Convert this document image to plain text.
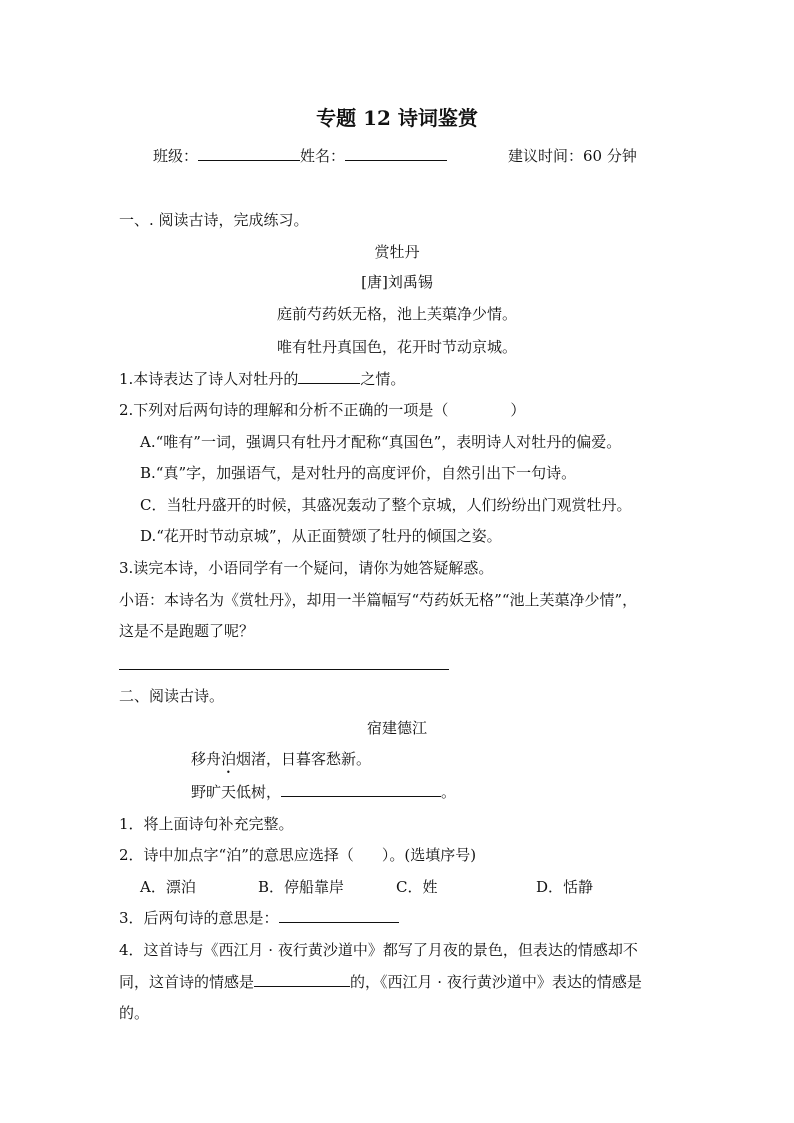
专题 12 诗词鉴赏
班级：	姓名：	建议时间：60 分钟
一、. 阅读古诗，完成练习。
赏牡丹
[唐]刘禹锡
庭前芍药妖无格，池上芙蕖净少情。
唯有牡丹真国色，花开时节动京城。
1.本诗表达了诗人对牡丹的	之情。
2.下列对后两句诗的理解和分析不正确的一项是（	）
A.“唯有”一词，强调只有牡丹才配称“真国色”，表明诗人对牡丹的偏爱。
B.“真”字，加强语气，是对牡丹的高度评价，自然引出下一句诗。
C．当牡丹盛开的时候，其盛况轰动了整个京城，人们纷纷出门观赏牡丹。
D.“花开时节动京城”，从正面赞颂了牡丹的倾国之姿。
3.读完本诗，小语同学有一个疑问，请你为她答疑解惑。
小语：本诗名为《赏牡丹》，却用一半篇幅写“芍药妖无格”“池上芙蕖净少情”，
这是不是跑题了呢？
二、阅读古诗。
宿建德江
移舟泊烟渚，日暮客愁新。
野旷天低树，	。
1．将上面诗句补充完整。
2．诗中加点字“泊”的意思应选择（ ）。(选填序号)
A．漂泊	B．停船靠岸	C．姓	D．恬静
3．后两句诗的意思是：
4．这首诗与《西江月 · 夜行黄沙道中》都写了月夜的景色，但表达的情感却不
同，这首诗的情感是	的，《西江月 · 夜行黄沙道中》表达的情感是
的。
